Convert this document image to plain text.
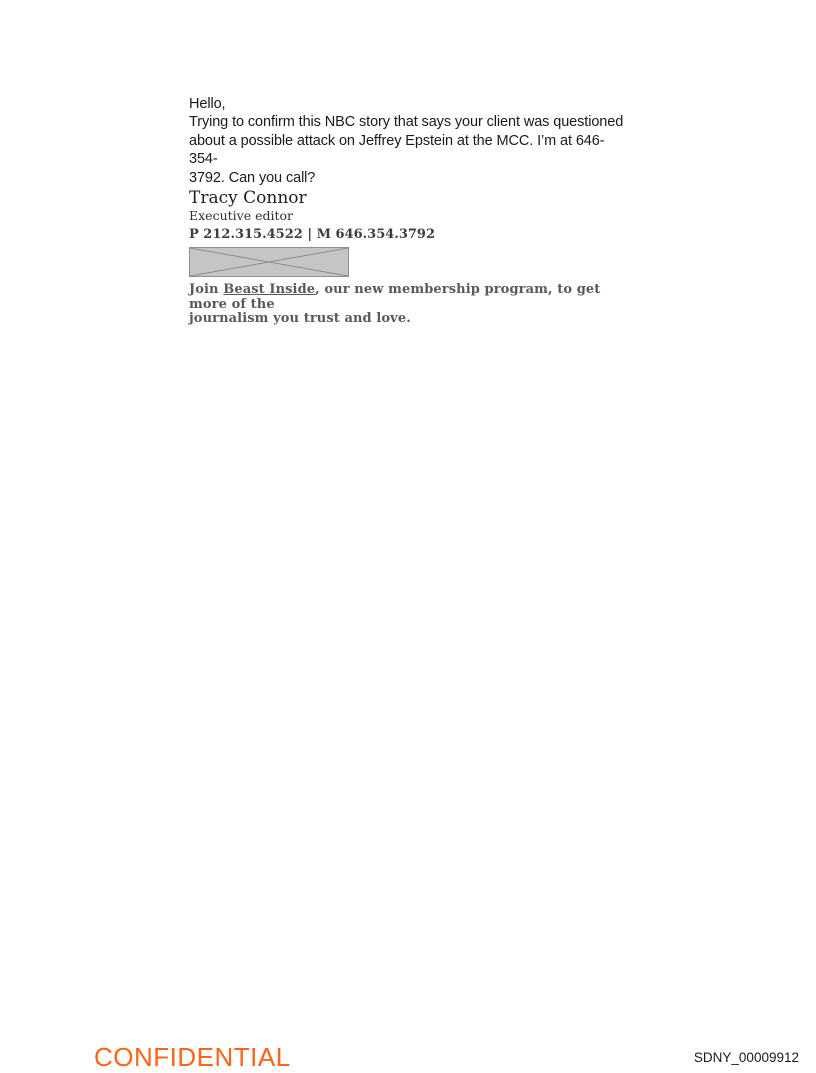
Hello,
Trying to confirm this NBC story that says your client was questioned
about a possible attack on Jeffrey Epstein at the MCC. I’m at 646-354-
3792. Can you call?
Tracy Connor
Executive editor
P 212.315.4522 | M 646.354.3792
Join Beast Inside, our new membership program, to get more of the
journalism you trust and love.
CONFIDENTIAL	SDNY_00009912
